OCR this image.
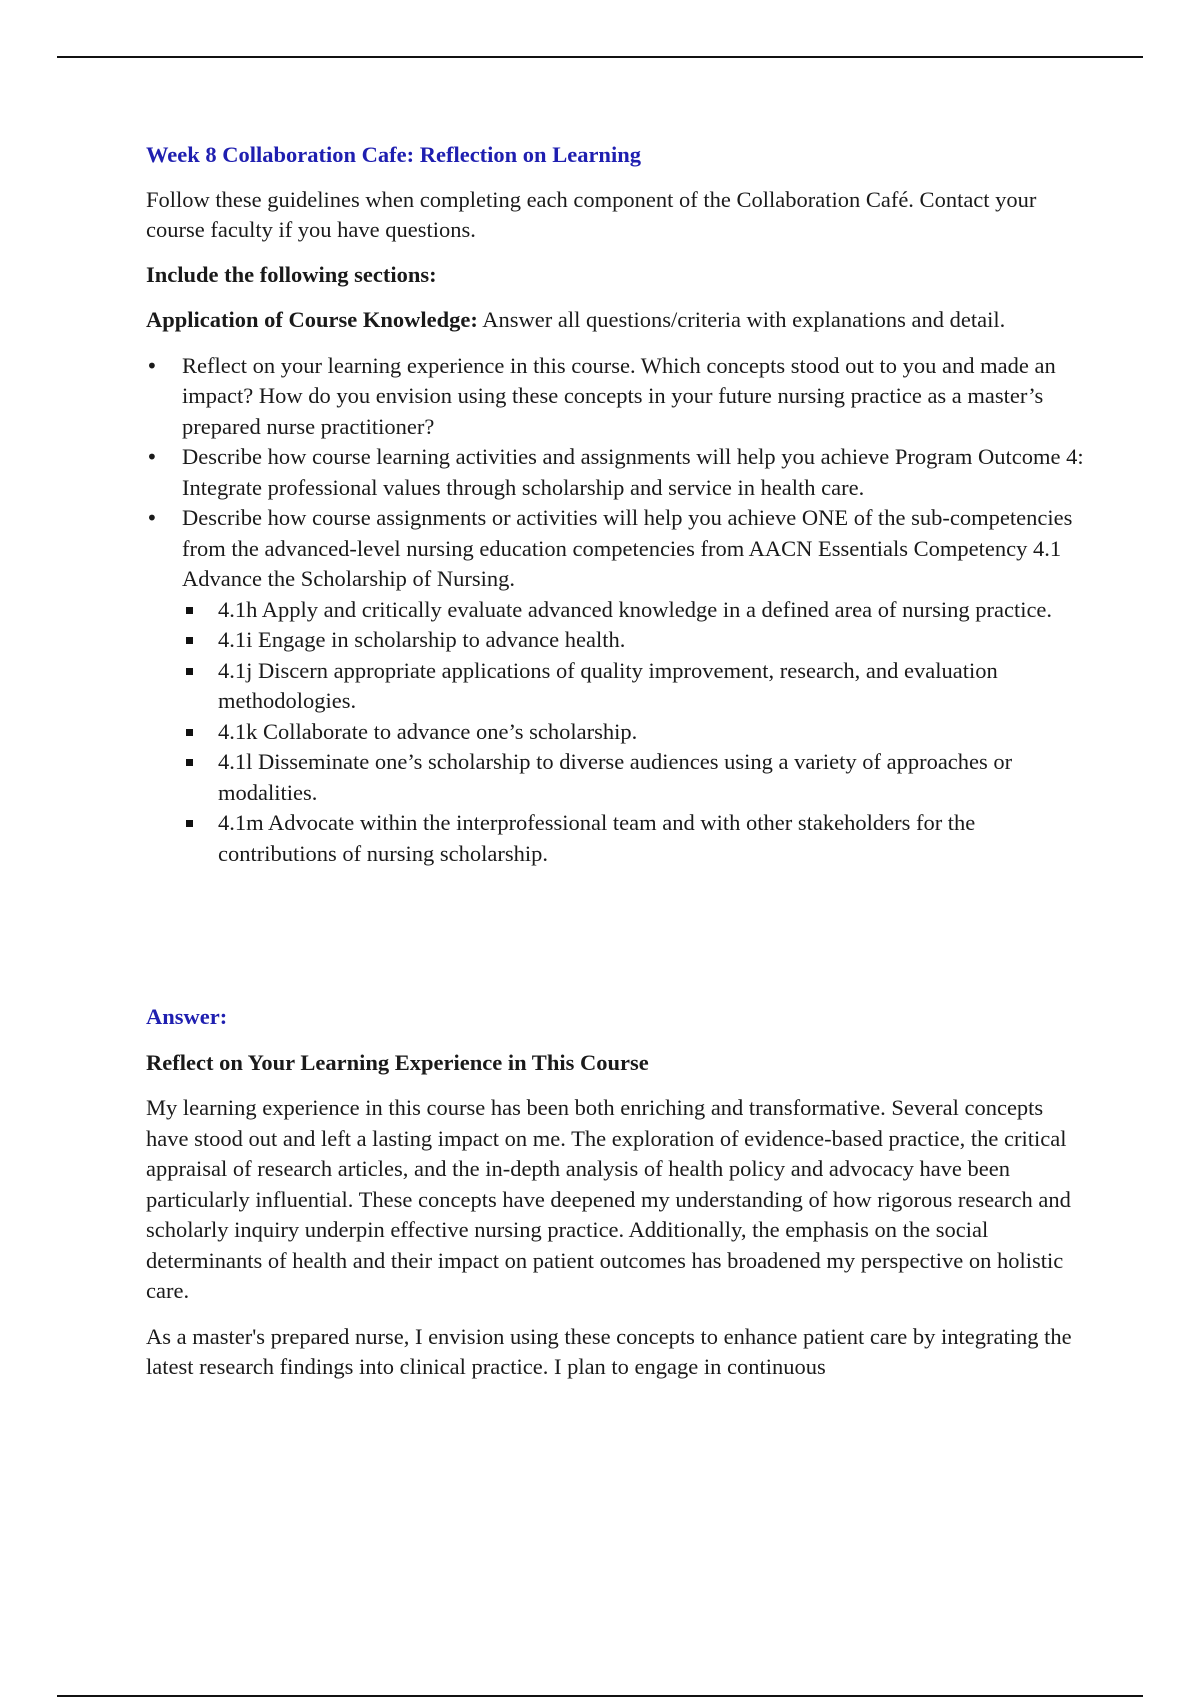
Week 8 Collaboration Cafe: Reflection on Learning

Follow these guidelines when completing each component of the Collaboration Café. Contact your course faculty if you have questions.

Include the following sections:

Application of Course Knowledge: Answer all questions/criteria with explanations and detail.

• Reflect on your learning experience in this course. Which concepts stood out to you and made an impact? How do you envision using these concepts in your future nursing practice as a master’s prepared nurse practitioner?
• Describe how course learning activities and assignments will help you achieve Program Outcome 4: Integrate professional values through scholarship and service in health care.
• Describe how course assignments or activities will help you achieve ONE of the sub-competencies from the advanced-level nursing education competencies from AACN Essentials Competency 4.1 Advance the Scholarship of Nursing.
4.1h Apply and critically evaluate advanced knowledge in a defined area of nursing practice.
4.1i Engage in scholarship to advance health.
4.1j Discern appropriate applications of quality improvement, research, and evaluation methodologies.
4.1k Collaborate to advance one’s scholarship.
4.1l Disseminate one’s scholarship to diverse audiences using a variety of approaches or modalities.
4.1m Advocate within the interprofessional team and with other stakeholders for the contributions of nursing scholarship.

Answer:

Reflect on Your Learning Experience in This Course

My learning experience in this course has been both enriching and transformative. Several concepts have stood out and left a lasting impact on me. The exploration of evidence-based practice, the critical appraisal of research articles, and the in-depth analysis of health policy and advocacy have been particularly influential. These concepts have deepened my understanding of how rigorous research and scholarly inquiry underpin effective nursing practice. Additionally, the emphasis on the social determinants of health and their impact on patient outcomes has broadened my perspective on holistic care.

As a master's prepared nurse, I envision using these concepts to enhance patient care by integrating the latest research findings into clinical practice. I plan to engage in continuous
